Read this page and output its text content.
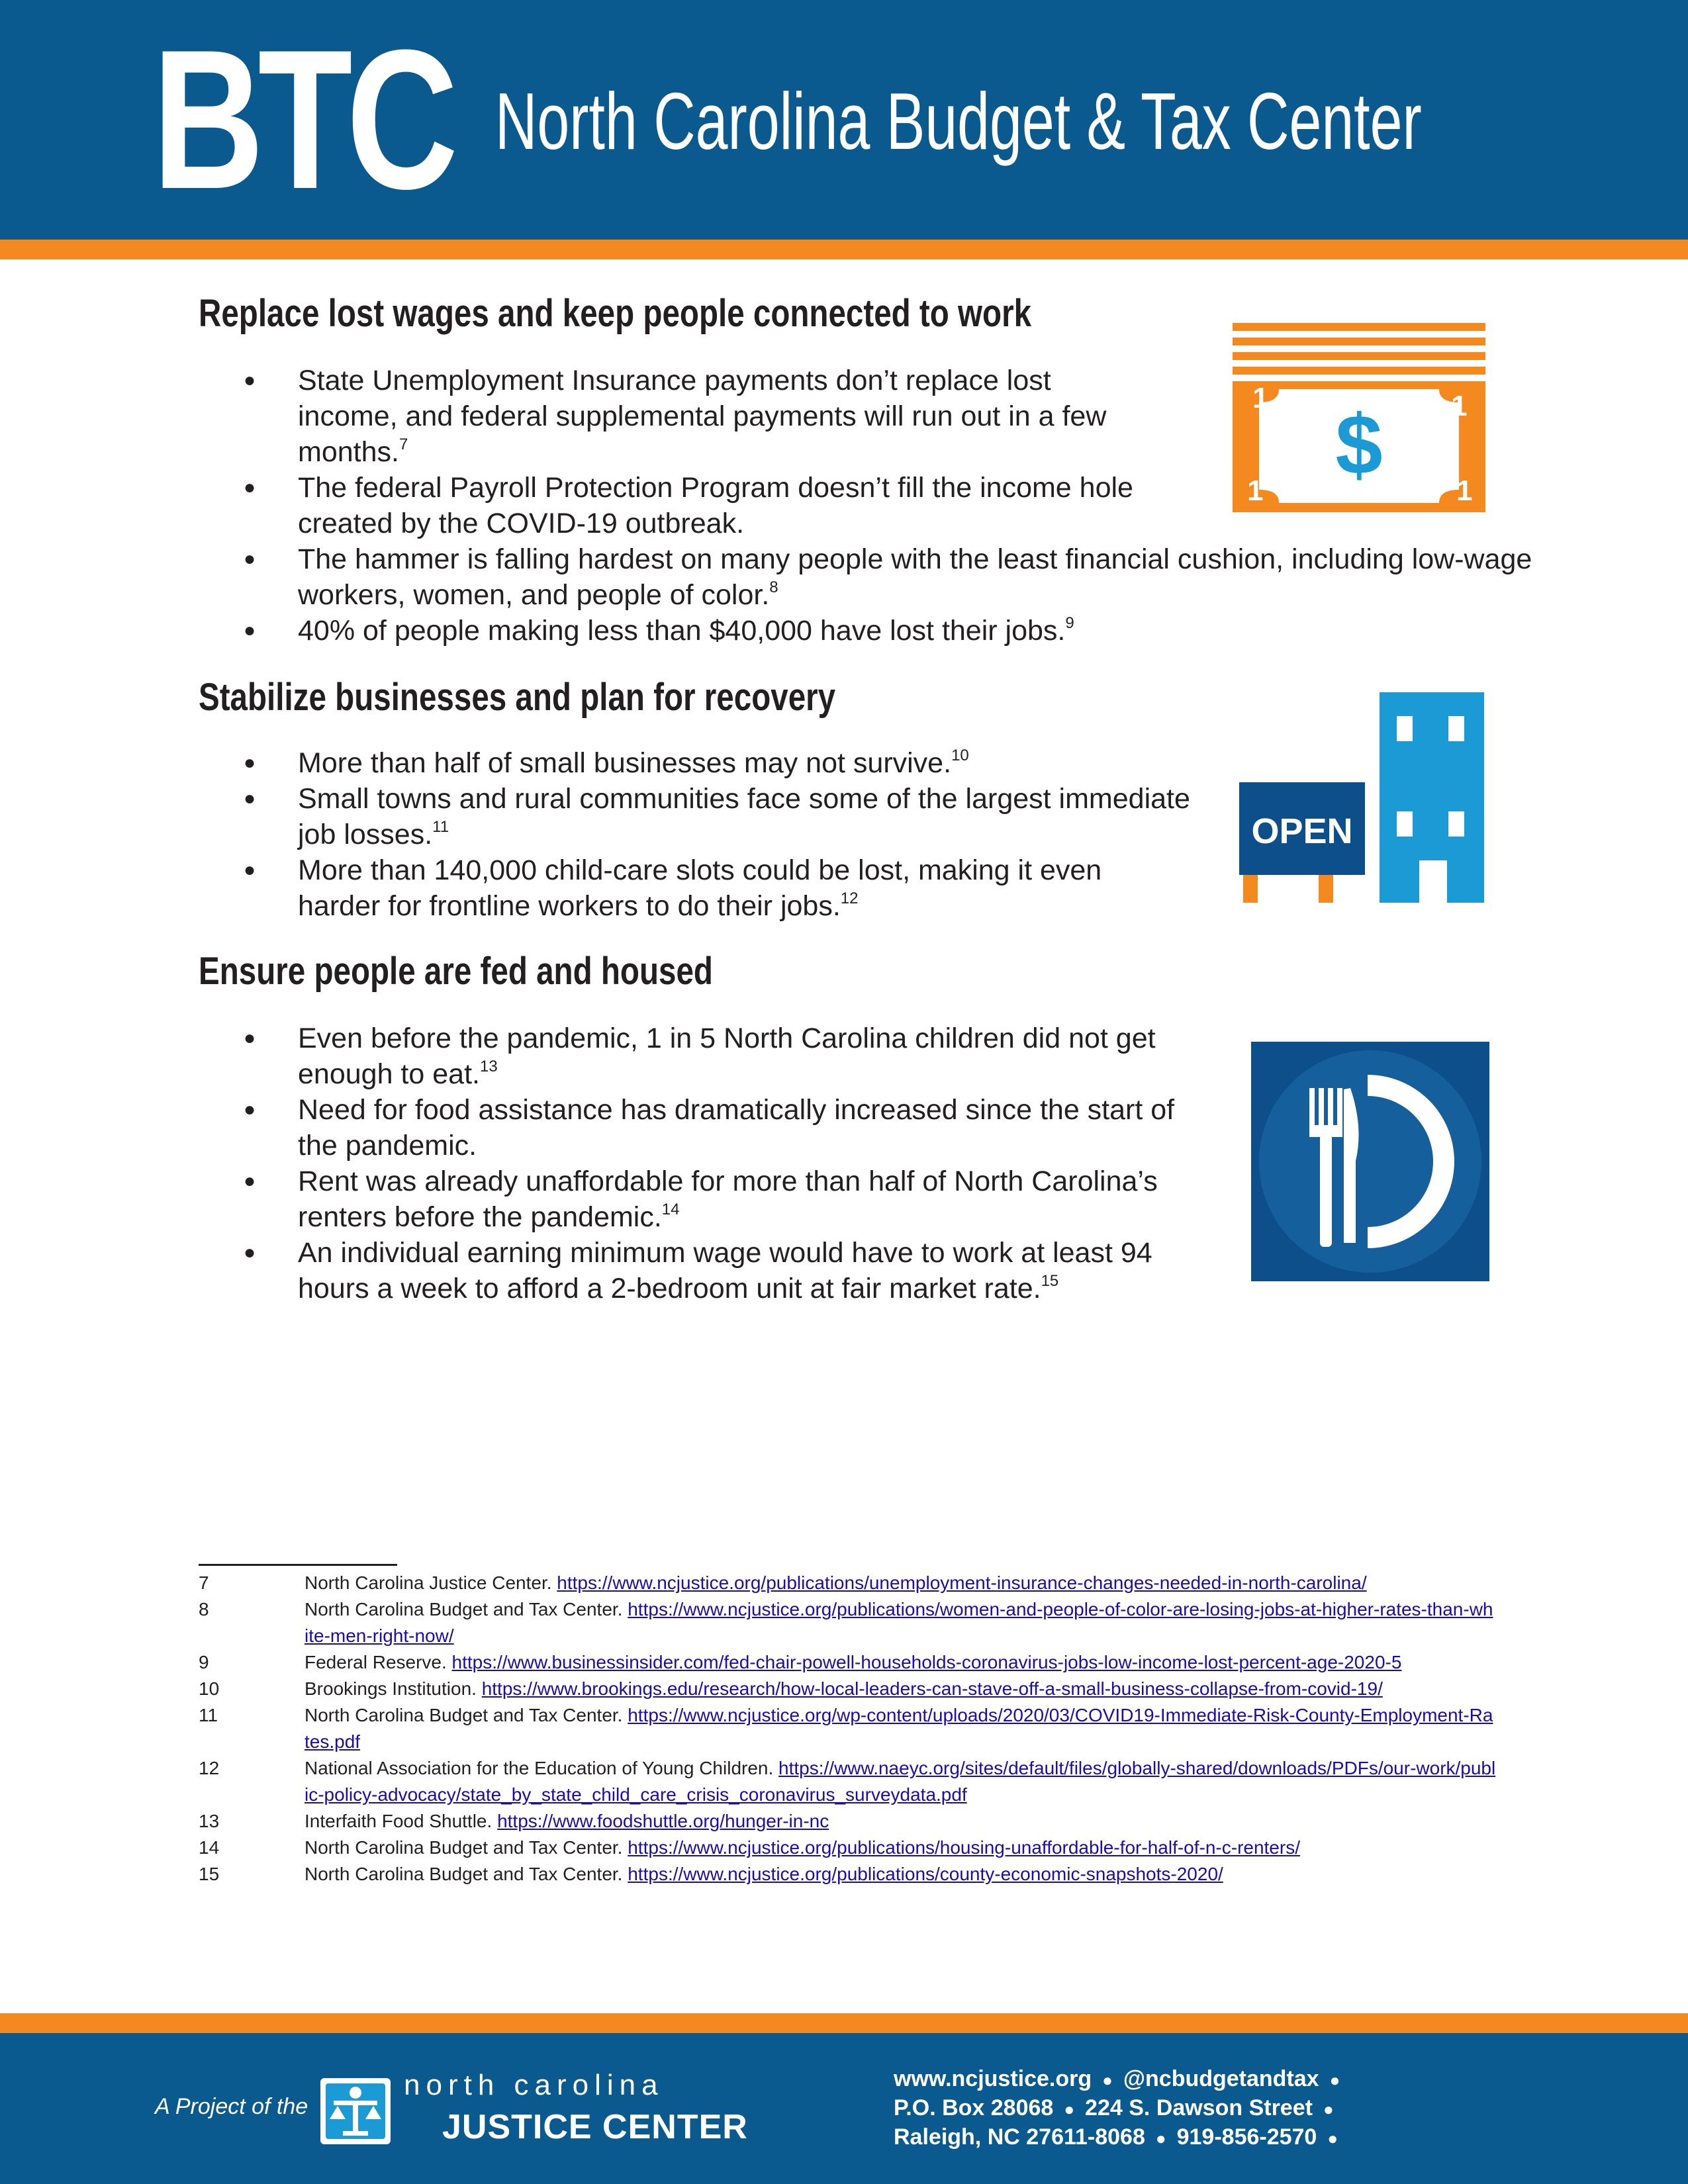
BTC North Carolina Budget & Tax Center
Replace lost wages and keep people connected to work
● State Unemployment Insurance payments don’t replace lost income, and federal supplemental payments will run out in a few months.$^7$
● The federal Payroll Protection Program doesn’t fill the income hole created by the COVID-19 outbreak.
● The hammer is falling hardest on many people with the least financial cushion, including low-wage workers, women, and people of color.$^8$
● 40% of people making less than $40,000 have lost their jobs.$^9$
1	1
1	1
$
Stabilize businesses and plan for recovery
● More than half of small businesses may not survive.$^{10}$
● Small towns and rural communities face some of the largest immediate job losses.$^{11}$
● More than 140,000 child-care slots could be lost, making it even harder for frontline workers to do their jobs.$^{12}$
OPEN
Ensure people are fed and housed
● Even before the pandemic, 1 in 5 North Carolina children did not get enough to eat.$^{13}$
● Need for food assistance has dramatically increased since the start of the pandemic.
● Rent was already unaffordable for more than half of North Carolina’s renters before the pandemic.$^{14}$
● An individual earning minimum wage would have to work at least 94 hours a week to afford a 2-bedroom unit at fair market rate.$^{15}$
7	North Carolina Justice Center. https://www.ncjustice.org/publications/unemployment-insurance-changes-needed-in-north-carolina/
8	North Carolina Budget and Tax Center. https://www.ncjustice.org/publications/women-and-people-of-color-are-losing-jobs-at-higher-rates-than-white-men-right-now/
9	Federal Reserve. https://www.businessinsider.com/fed-chair-powell-households-coronavirus-jobs-low-income-lost-percent-age-2020-5
10	Brookings Institution. https://www.brookings.edu/research/how-local-leaders-can-stave-off-a-small-business-collapse-from-covid-19/
11	North Carolina Budget and Tax Center. https://www.ncjustice.org/wp-content/uploads/2020/03/COVID19-Immediate-Risk-County-Employment-Rates.pdf
12	National Association for the Education of Young Children. https://www.naeyc.org/sites/default/files/globally-shared/downloads/PDFs/our-work/public-policy-advocacy/state_by_state_child_care_crisis_coronavirus_surveydata.pdf
13	Interfaith Food Shuttle. https://www.foodshuttle.org/hunger-in-nc
14	North Carolina Budget and Tax Center. https://www.ncjustice.org/publications/housing-unaffordable-for-half-of-n-c-renters/
15	North Carolina Budget and Tax Center. https://www.ncjustice.org/publications/county-economic-snapshots-2020/
A Project of the
north carolina
JUSTICE CENTER
www.ncjustice.org ● @ncbudgetandtax ●
P.O. Box 28068 ● 224 S. Dawson Street ●
Raleigh, NC 27611-8068 ● 919-856-2570 ●
